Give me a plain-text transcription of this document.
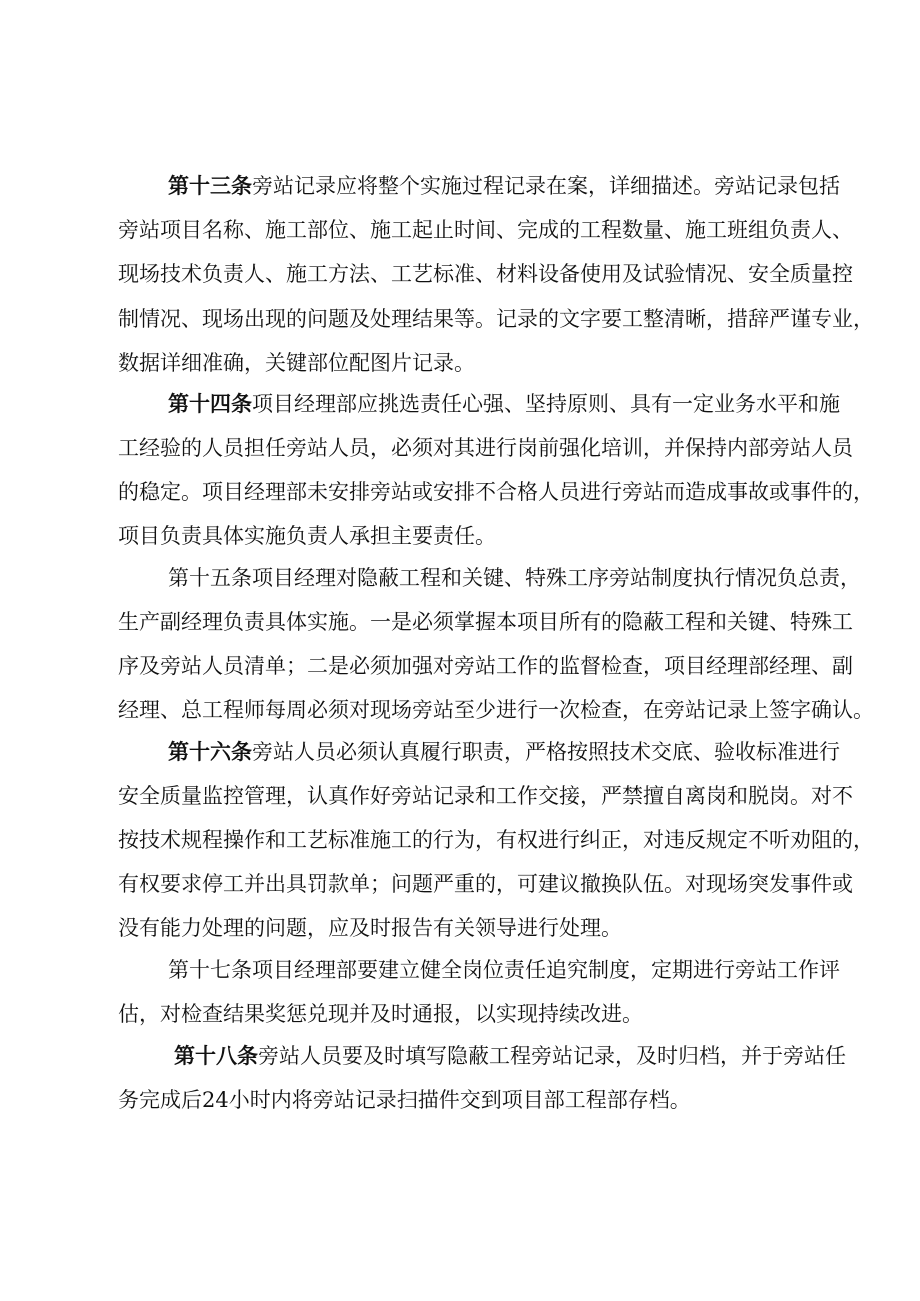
第十三条旁站记录应将整个实施过程记录在案，详细描述。旁站记录包括
旁站项目名称、施工部位、施工起止时间、完成的工程数量、施工班组负责人、
现场技术负责人、施工方法、工艺标准、材料设备使用及试验情况、安全质量控
制情况、现场出现的问题及处理结果等。记录的文字要工整清晰，措辞严谨专业，
数据详细准确，关键部位配图片记录。
第十四条项目经理部应挑选责任心强、坚持原则、具有一定业务水平和施
工经验的人员担任旁站人员，必须对其进行岗前强化培训，并保持内部旁站人员
的稳定。项目经理部未安排旁站或安排不合格人员进行旁站而造成事故或事件的，
项目负责具体实施负责人承担主要责任。
第十五条项目经理对隐蔽工程和关键、特殊工序旁站制度执行情况负总责，
生产副经理负责具体实施。一是必须掌握本项目所有的隐蔽工程和关键、特殊工
序及旁站人员清单；二是必须加强对旁站工作的监督检查，项目经理部经理、副
经理、总工程师每周必须对现场旁站至少进行一次检查，在旁站记录上签字确认。
第十六条旁站人员必须认真履行职责，严格按照技术交底、验收标准进行
安全质量监控管理，认真作好旁站记录和工作交接，严禁擅自离岗和脱岗。对不
按技术规程操作和工艺标准施工的行为，有权进行纠正，对违反规定不听劝阻的，
有权要求停工并出具罚款单；问题严重的，可建议撤换队伍。对现场突发事件或
没有能力处理的问题，应及时报告有关领导进行处理。
第十七条项目经理部要建立健全岗位责任追究制度，定期进行旁站工作评
估，对检查结果奖惩兑现并及时通报，以实现持续改进。
第十八条旁站人员要及时填写隐蔽工程旁站记录，及时归档，并于旁站任
务完成后24小时内将旁站记录扫描件交到项目部工程部存档。
